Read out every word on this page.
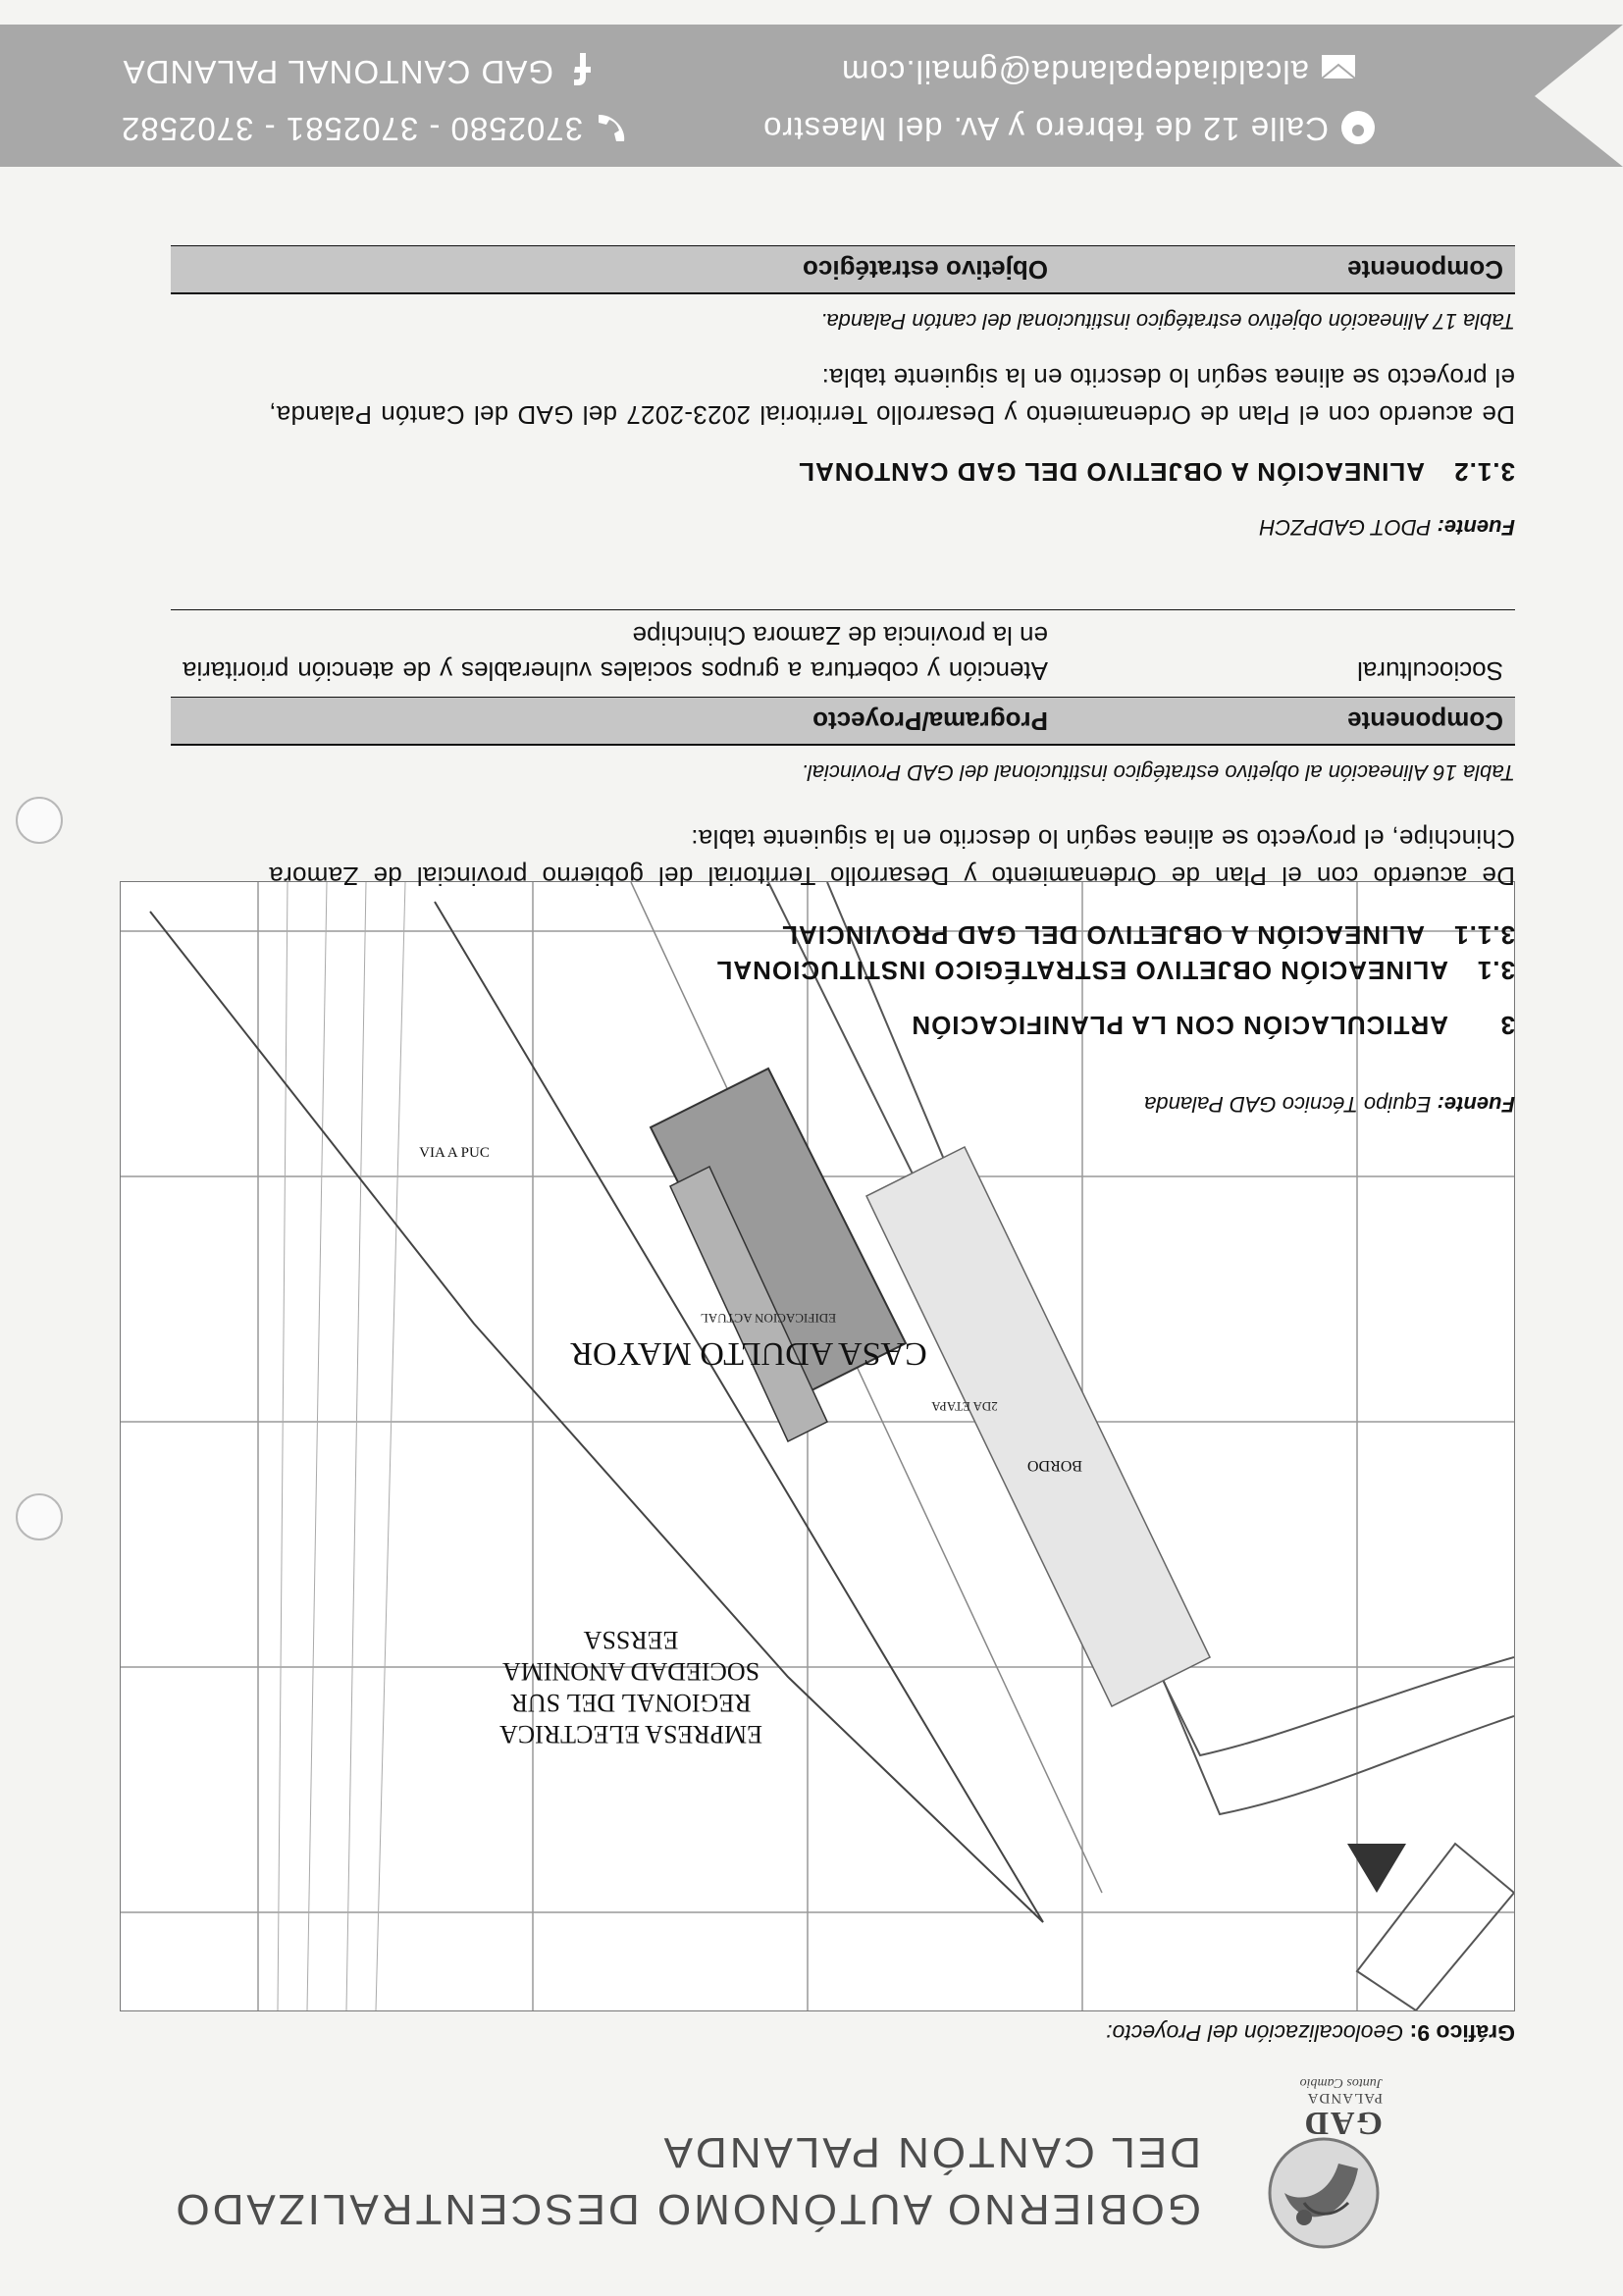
GAD
PALANDA
Juntos Cambio
GOBIERNO AUTÓNOMO DESCENTRALIZADO
DEL CANTÓN PALANDA
Gráfico 9: Geolocalización del Proyecto:
VIA A PUC
BORDO
CASA ADULTO MAYOR
EDIFICACION ACTUAL
2DA ETAPA
EMPRESA ELECTRICA
REGIONAL DEL SUR
SOCIEDAD ANONIMA
EERSSA
Fuente: Equipo Técnico GAD Palanda
3ARTICULACIÓN CON LA PLANIFICACIÓN
3.1ALINEACIÓN OBJETIVO ESTRATÉGICO INSTITUCIONAL
3.1.1ALINEACIÓN A OBJETIVO DEL GAD PROVINCIAL
De acuerdo con el Plan de Ordenamiento y Desarrollo Territorial del gobierno provincial de Zamora Chinchipe, el proyecto se alinea según lo descrito en la siguiente tabla:
Tabla 16 Alineación al objetivo estratégico institucional del GAD Provincial.
Componente	Programa/Proyecto
Sociocultural	Atención y cobertura a grupos sociales vulnerables y de atención prioritaria en la provincia de Zamora Chinchipe
Fuente: PDOT GADPZCH
3.1.2ALINEACIÓN A OBJETIVO DEL GAD CANTONAL
De acuerdo con el Plan de Ordenamiento y Desarrollo Territorial 2023-2027 del GAD del Cantón Palanda, el proyecto se alinea según lo descrito en la siguiente tabla:
Tabla 17 Alineación objetivo estratégico institucional del cantón Palanda.
Componente	Objetivo estratégico
Calle 12 de febrero y Av. del Maestro
3702580 - 3702581 - 3702582
alcaldiadepalanda@gmail.com
GAD CANTONAL PALANDA
